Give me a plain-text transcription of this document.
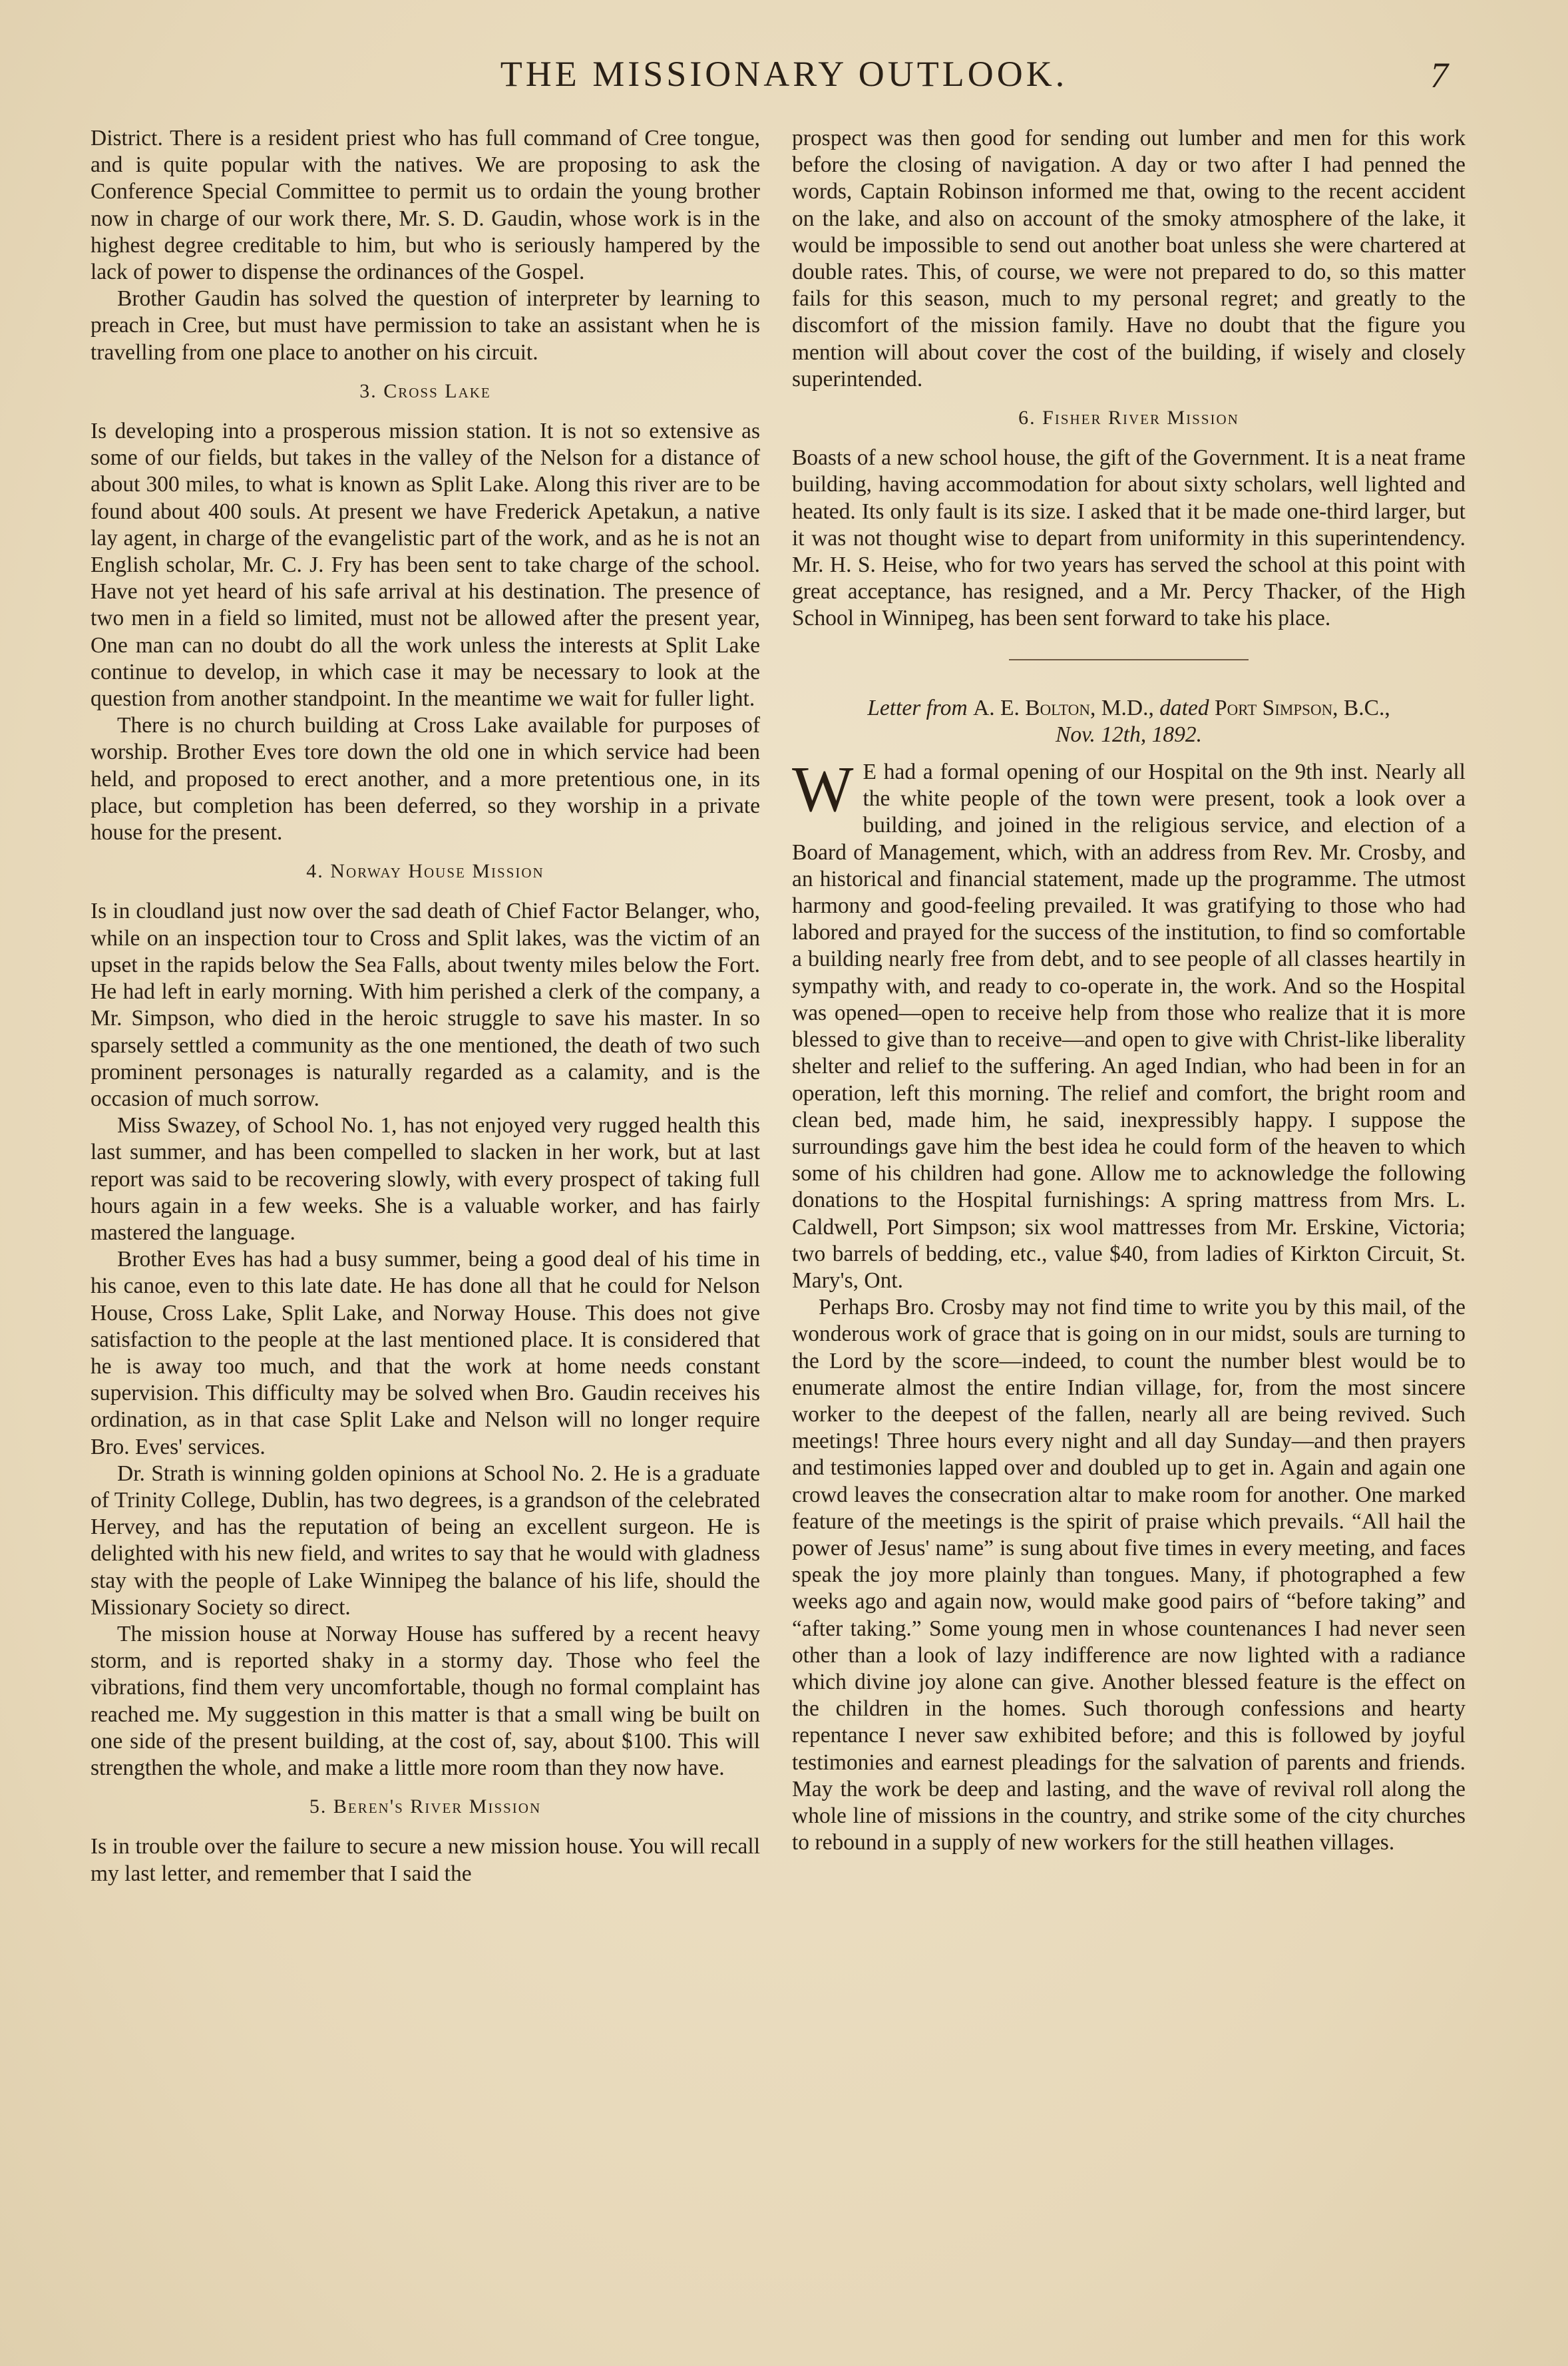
THE MISSIONARY OUTLOOK.	7

District. There is a resident priest who has full command of Cree tongue, and is quite popular with the natives. We are proposing to ask the Conference Special Committee to permit us to ordain the young brother now in charge of our work there, Mr. S. D. Gaudin, whose work is in the highest degree creditable to him, but who is seriously hampered by the lack of power to dispense the ordinances of the Gospel.

Brother Gaudin has solved the question of interpreter by learning to preach in Cree, but must have permission to take an assistant when he is travelling from one place to another on his circuit.

3. Cross Lake

Is developing into a prosperous mission station. It is not so extensive as some of our fields, but takes in the valley of the Nelson for a distance of about 300 miles, to what is known as Split Lake. Along this river are to be found about 400 souls. At present we have Frederick Apetakun, a native lay agent, in charge of the evangelistic part of the work, and as he is not an English scholar, Mr. C. J. Fry has been sent to take charge of the school. Have not yet heard of his safe arrival at his destination. The presence of two men in a field so limited, must not be allowed after the present year, One man can no doubt do all the work unless the interests at Split Lake continue to develop, in which case it may be necessary to look at the question from another standpoint. In the meantime we wait for fuller light.

There is no church building at Cross Lake available for purposes of worship. Brother Eves tore down the old one in which service had been held, and proposed to erect another, and a more pretentious one, in its place, but completion has been deferred, so they worship in a private house for the present.

4. Norway House Mission

Is in cloudland just now over the sad death of Chief Factor Belanger, who, while on an inspection tour to Cross and Split lakes, was the victim of an upset in the rapids below the Sea Falls, about twenty miles below the Fort. He had left in early morning. With him perished a clerk of the company, a Mr. Simpson, who died in the heroic struggle to save his master. In so sparsely settled a community as the one mentioned, the death of two such prominent personages is naturally regarded as a calamity, and is the occasion of much sorrow.

Miss Swazey, of School No. 1, has not enjoyed very rugged health this last summer, and has been compelled to slacken in her work, but at last report was said to be recovering slowly, with every prospect of taking full hours again in a few weeks. She is a valuable worker, and has fairly mastered the language.

Brother Eves has had a busy summer, being a good deal of his time in his canoe, even to this late date. He has done all that he could for Nelson House, Cross Lake, Split Lake, and Norway House. This does not give satisfaction to the people at the last mentioned place. It is considered that he is away too much, and that the work at home needs constant supervision. This difficulty may be solved when Bro. Gaudin receives his ordination, as in that case Split Lake and Nelson will no longer require Bro. Eves' services.

Dr. Strath is winning golden opinions at School No. 2. He is a graduate of Trinity College, Dublin, has two degrees, is a grandson of the celebrated Hervey, and has the reputation of being an excellent surgeon. He is delighted with his new field, and writes to say that he would with gladness stay with the people of Lake Winnipeg the balance of his life, should the Missionary Society so direct.

The mission house at Norway House has suffered by a recent heavy storm, and is reported shaky in a stormy day. Those who feel the vibrations, find them very uncomfortable, though no formal complaint has reached me. My suggestion in this matter is that a small wing be built on one side of the present building, at the cost of, say, about $100. This will strengthen the whole, and make a little more room than they now have.

5. Beren's River Mission

Is in trouble over the failure to secure a new mission house. You will recall my last letter, and remember that I said the

prospect was then good for sending out lumber and men for this work before the closing of navigation. A day or two after I had penned the words, Captain Robinson informed me that, owing to the recent accident on the lake, and also on account of the smoky atmosphere of the lake, it would be impossible to send out another boat unless she were chartered at double rates. This, of course, we were not prepared to do, so this matter fails for this season, much to my personal regret; and greatly to the discomfort of the mission family. Have no doubt that the figure you mention will about cover the cost of the building, if wisely and closely superintended.

6. Fisher River Mission

Boasts of a new school house, the gift of the Government. It is a neat frame building, having accommodation for about sixty scholars, well lighted and heated. Its only fault is its size. I asked that it be made one-third larger, but it was not thought wise to depart from uniformity in this superintendency. Mr. H. S. Heise, who for two years has served the school at this point with great acceptance, has resigned, and a Mr. Percy Thacker, of the High School in Winnipeg, has been sent forward to take his place.

Letter from A. E. Bolton, M.D., dated Port Simpson, B.C.,
Nov. 12th, 1892.

W E had a formal opening of our Hospital on the 9th inst. Nearly all the white people of the town were present, took a look over a building, and joined in the religious service, and election of a Board of Management, which, with an address from Rev. Mr. Crosby, and an historical and financial statement, made up the programme. The utmost harmony and good-feeling prevailed. It was gratifying to those who had labored and prayed for the success of the institution, to find so comfortable a building nearly free from debt, and to see people of all classes heartily in sympathy with, and ready to co-operate in, the work. And so the Hospital was opened—open to receive help from those who realize that it is more blessed to give than to receive—and open to give with Christ-like liberality shelter and relief to the suffering. An aged Indian, who had been in for an operation, left this morning. The relief and comfort, the bright room and clean bed, made him, he said, inexpressibly happy. I suppose the surroundings gave him the best idea he could form of the heaven to which some of his children had gone. Allow me to acknowledge the following donations to the Hospital furnishings: A spring mattress from Mrs. L. Caldwell, Port Simpson; six wool mattresses from Mr. Erskine, Victoria; two barrels of bedding, etc., value $40, from ladies of Kirkton Circuit, St. Mary's, Ont.

Perhaps Bro. Crosby may not find time to write you by this mail, of the wonderous work of grace that is going on in our midst, souls are turning to the Lord by the score—indeed, to count the number blest would be to enumerate almost the entire Indian village, for, from the most sincere worker to the deepest of the fallen, nearly all are being revived. Such meetings! Three hours every night and all day Sunday—and then prayers and testimonies lapped over and doubled up to get in. Again and again one crowd leaves the consecration altar to make room for another. One marked feature of the meetings is the spirit of praise which prevails. “All hail the power of Jesus' name” is sung about five times in every meeting, and faces speak the joy more plainly than tongues. Many, if photographed a few weeks ago and again now, would make good pairs of “before taking” and “after taking.” Some young men in whose countenances I had never seen other than a look of lazy indifference are now lighted with a radiance which divine joy alone can give. Another blessed feature is the effect on the children in the homes. Such thorough confessions and hearty repentance I never saw exhibited before; and this is followed by joyful testimonies and earnest pleadings for the salvation of parents and friends. May the work be deep and lasting, and the wave of revival roll along the whole line of missions in the country, and strike some of the city churches to rebound in a supply of new workers for the still heathen villages.
